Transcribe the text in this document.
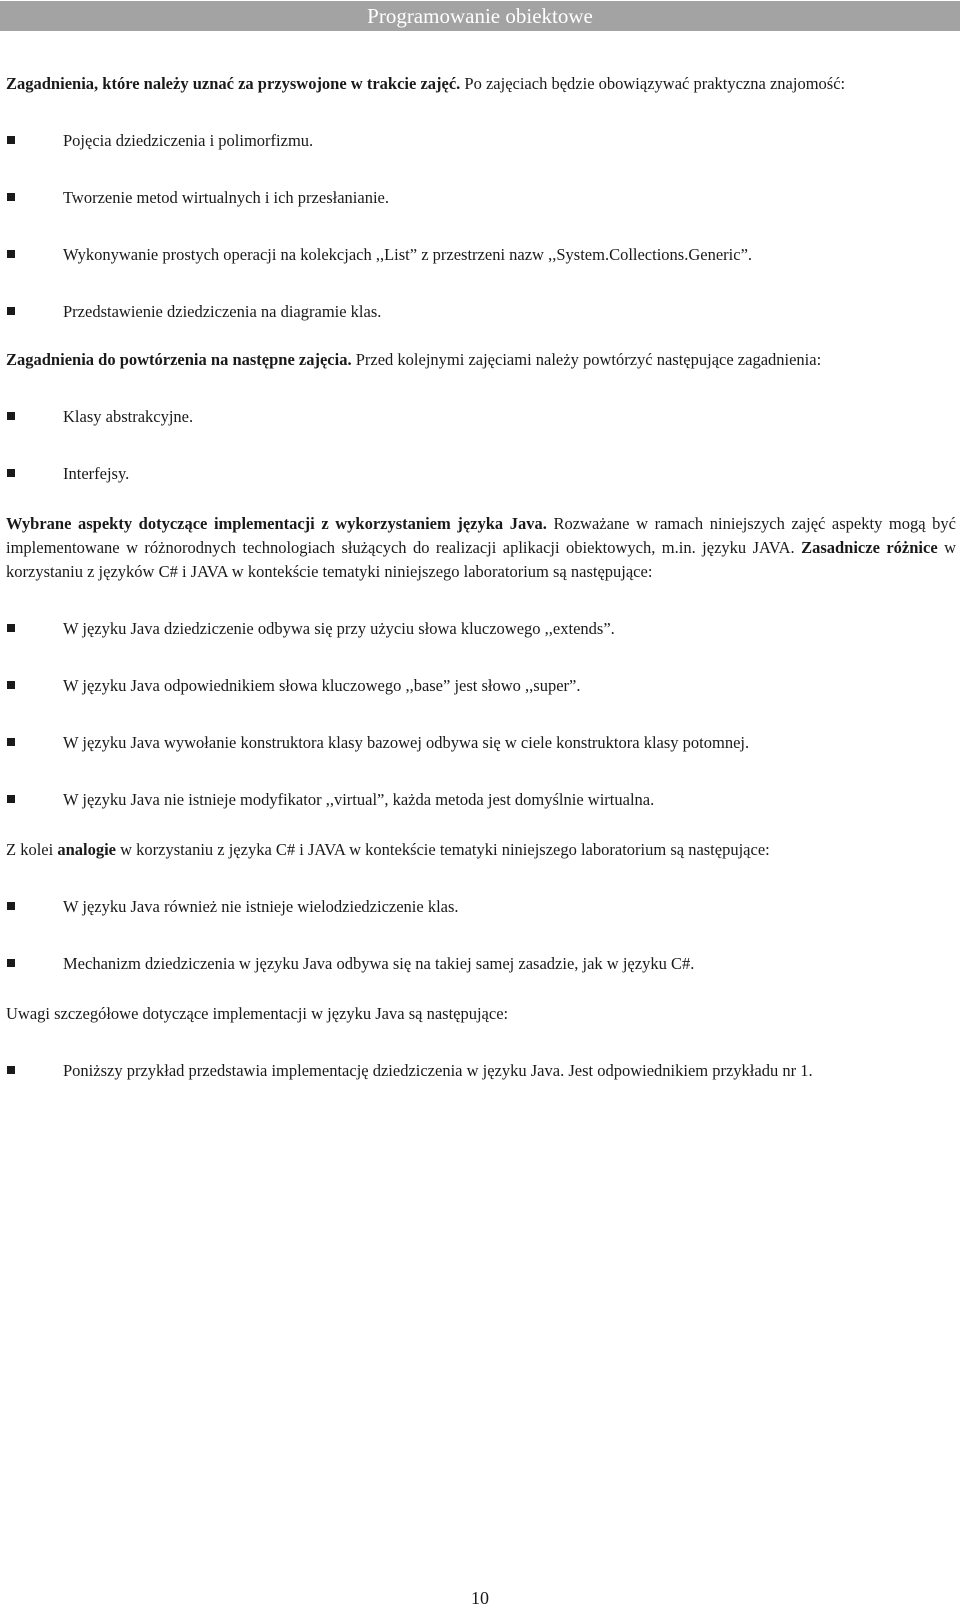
Programowanie obiektowe

Zagadnienia, które należy uznać za przyswojone w trakcie zajęć. Po zajęciach będzie obowiązywać praktyczna znajomość:

Pojęcia dziedziczenia i polimorfizmu.
Tworzenie metod wirtualnych i ich przesłanianie.
Wykonywanie prostych operacji na kolekcjach ,,List” z przestrzeni nazw ,,System.Collections.Generic”.
Przedstawienie dziedziczenia na diagramie klas.

Zagadnienia do powtórzenia na następne zajęcia. Przed kolejnymi zajęciami należy powtórzyć następujące zagadnienia:

Klasy abstrakcyjne.
Interfejsy.

Wybrane aspekty dotyczące implementacji z wykorzystaniem języka Java. Rozważane w ramach niniejszych zajęć aspekty mogą być implementowane w różnorodnych technologiach służących do realizacji aplikacji obiektowych, m.in. języku JAVA. Zasadnicze różnice w korzystaniu z języków C# i JAVA w kontekście tematyki niniejszego laboratorium są następujące:

W języku Java dziedziczenie odbywa się przy użyciu słowa kluczowego ,,extends”.
W języku Java odpowiednikiem słowa kluczowego ,,base” jest słowo ,,super”.
W języku Java wywołanie konstruktora klasy bazowej odbywa się w ciele konstruktora klasy potomnej.
W języku Java nie istnieje modyfikator ,,virtual”, każda metoda jest domyślnie wirtualna.

Z kolei analogie w korzystaniu z języka C# i JAVA w kontekście tematyki niniejszego laboratorium są następujące:

W języku Java również nie istnieje wielodziedziczenie klas.
Mechanizm dziedziczenia w języku Java odbywa się na takiej samej zasadzie, jak w języku C#.

Uwagi szczegółowe dotyczące implementacji w języku Java są następujące:

Poniższy przykład przedstawia implementację dziedziczenia w języku Java. Jest odpowiednikiem przykładu nr 1.
10
